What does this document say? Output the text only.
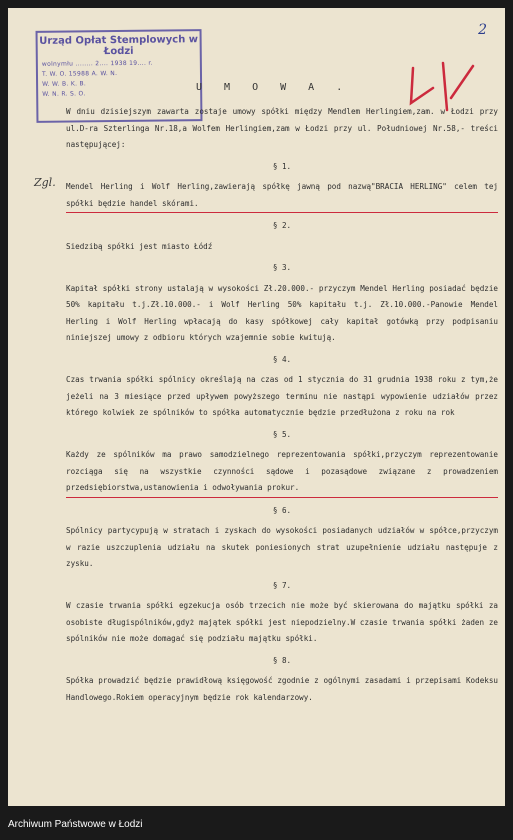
Urząd Opłat Stemplowych w Łodzi
wolnymłu ........ 2.... 1938 19.... r.
T. W. O. 15988 A. W. N.
W. W. B. K. B.
W. N. R. S. O.
2
U M O W A .
Zgl.

W dniu dzisiejszym zawarta zostaje umowy spółki między Mendlem Herlingiem,zam. w Łodzi przy ul.D-ra Szterlinga Nr.18,a Wolfem Herlingiem,zam w Łodzi przy ul. Południowej Nr.58,- treści następującej:

§ 1.

Mendel Herling i Wolf Herling,zawierają spółkę jawną pod nazwą"BRACIA HERLING" celem tej spółki będzie handel skórami.

§ 2.

Siedzibą spółki jest miasto Łódź

§ 3.

Kapitał spółki strony ustalają w wysokości Zł.20.000.- przyczym Mendel Herling posiadać będzie 50% kapitału t.j.Zł.10.000.- i Wolf Herling 50% kapitału t.j. Zł.10.000.-Panowie Mendel Herling i Wolf Herling wpłacają do kasy spółkowej cały kapitał gotówką przy podpisaniu niniejszej umowy z odbioru których wzajemnie sobie kwitują.

§ 4.

Czas trwania spółki spólnicy określają na czas od 1 stycznia do 31 grudnia 1938 roku z tym,że jeżeli na 3 miesiące przed upływem powyższego terminu nie nastąpi wypowienie udziałów przez którego kolwiek ze spólników to spółka automatycznie będzie przedłużona z roku na rok

§ 5.

Każdy ze spólników ma prawo samodzielnego reprezentowania spółki,przyczym reprezentowanie rozciąga się na wszystkie czynności sądowe i pozasądowe związane z prowadzeniem przedsiębiorstwa,ustanowienia i odwoływania prokur.

§ 6.

Spólnicy partycypują w stratach i zyskach do wysokości posiadanych udziałów w spółce,przyczym w razie uszczuplenia udziału na skutek poniesionych strat uzupełnienie udziału następuje z zysku.

§ 7.

W czasie trwania spółki egzekucja osób trzecich nie może być skierowana do majątku spółki za osobiste długispólników,gdyż majątek spółki jest niepodzielny.W czasie trwania spółki żaden ze spólników nie może domagać się podziału majątku spółki.

§ 8.

Spółka prowadzić będzie prawidłową księgowość zgodnie z ogólnymi zasadami i przepisami Kodeksu Handlowego.Rokiem operacyjnym będzie rok kalendarzowy.

Archiwum Państwowe w Łodzi
